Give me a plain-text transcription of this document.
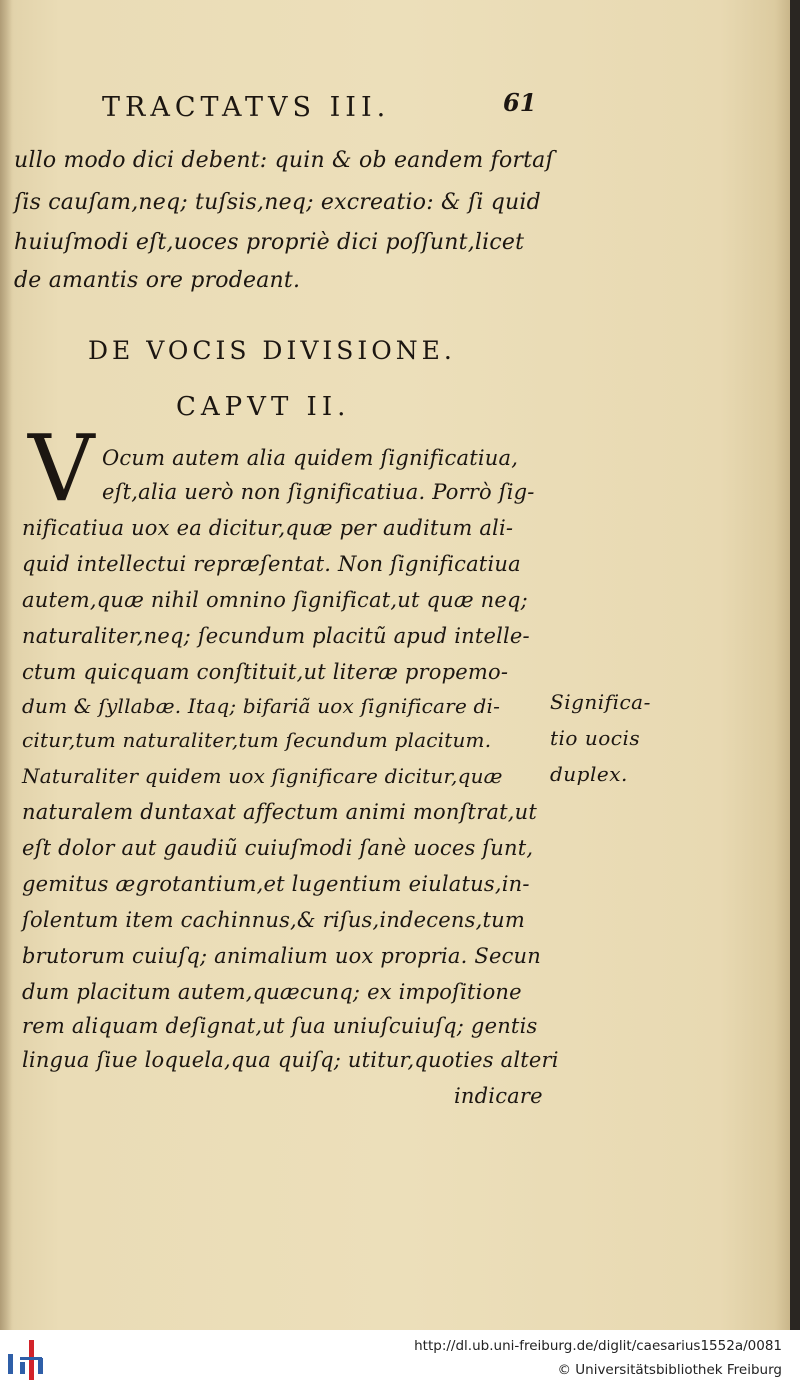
TRACTATVS III.	61
ullo modo dici debent: quin & ob eandem fortaſ
ſis cauſam,neq; tuſsis,neq; excreatio: & ſi quid
huiuſmodi eſt,uoces propriè dici poſſunt,licet
de amantis ore prodeant.
DE VOCIS DIVISIONE.
CAPVT II.
V Ocum autem alia quidem ſignificatiua,
eſt,alia uerò non ſignificatiua. Porrò ſig-
nificatiua uox ea dicitur,quæ per auditum ali-
quid intellectui repræſentat. Non ſignificatiua
autem,quæ nihil omnino ſignificat,ut quæ neq;
naturaliter,neq; ſecundum placitũ apud intelle-
ctum quicquam conſtituit,ut literæ propemo-
dum & ſyllabæ. Itaq; bifariã uox ſignificare di-
citur,tum naturaliter,tum ſecundum placitum.
Naturaliter quidem uox ſignificare dicitur,quæ
naturalem duntaxat affectum animi monſtrat,ut
eſt dolor aut gaudiũ cuiuſmodi ſanè uoces ſunt,
gemitus ægrotantium,et lugentium eiulatus,in-
ſolentum item cachinnus,& riſus,indecens,tum
brutorum cuiuſq; animalium uox propria. Secun
dum placitum autem,quæcunq; ex impoſitione
rem aliquam deſignat,ut ſua uniuſcuiuſq; gentis
lingua ſiue loquela,qua quiſq; utitur,quoties alteri
indicare
Significa-
tio uocis
duplex.
http://dl.ub.uni-freiburg.de/diglit/caesarius1552a/0081
© Universitätsbibliothek Freiburg
